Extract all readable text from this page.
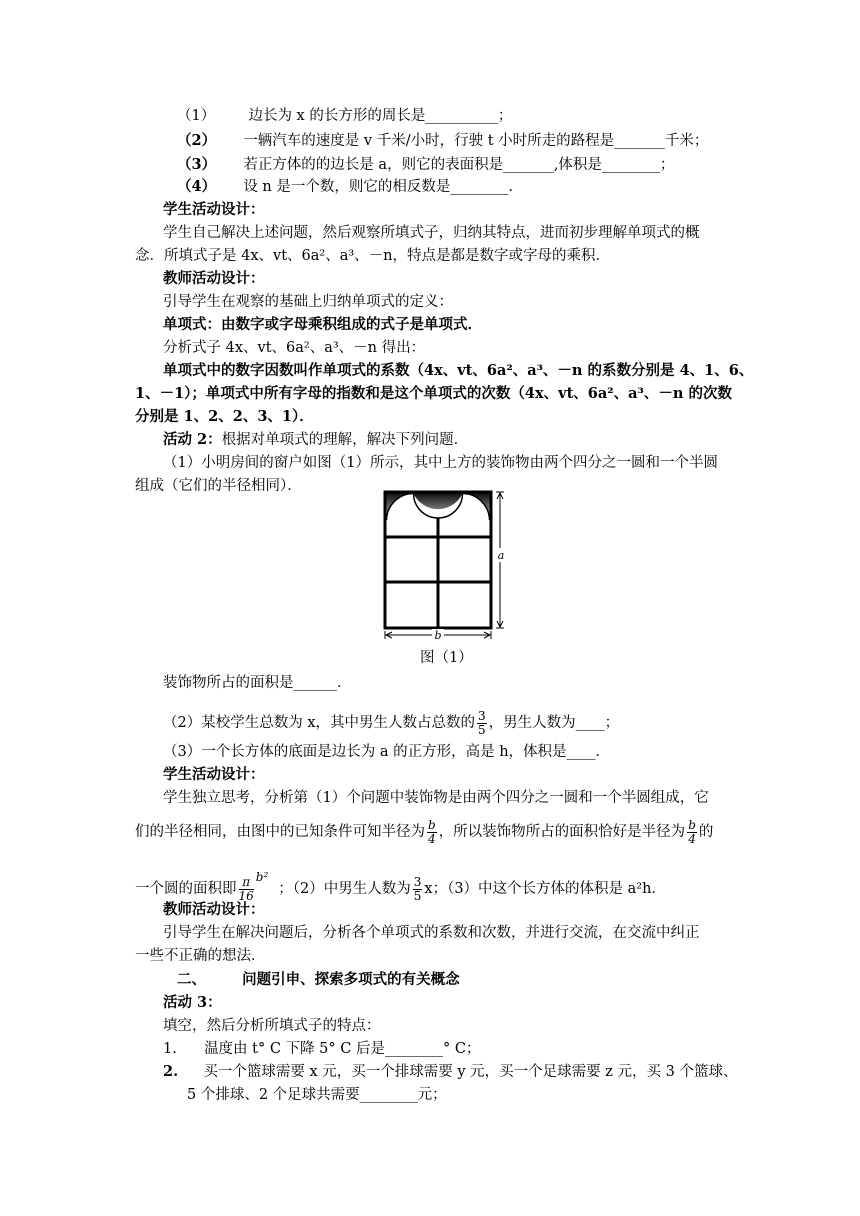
（1） 边长为 x 的长方形的周长是__________；
（2） 一辆汽车的速度是 v 千米/小时，行驶 t 小时所走的路程是_______千米；
（3） 若正方体的的边长是 a，则它的表面积是_______,体积是________；
（4） 设 n 是一个数，则它的相反数是________.
学生活动设计：
学生自己解决上述问题，然后观察所填式子，归纳其特点，进而初步理解单项式的概
念．所填式子是 4x、vt、6a²、a³、－n，特点是都是数字或字母的乘积．
教师活动设计：
引导学生在观察的基础上归纳单项式的定义：
单项式：由数字或字母乘积组成的式子是单项式．
分析式子 4x、vt、6a²、a³、－n 得出：
单项式中的数字因数叫作单项式的系数（4x、vt、6a²、a³、－n 的系数分别是 4、1、6、
1、－1）；单项式中所有字母的指数和是这个单项式的次数（4x、vt、6a²、a³、－n 的次数
分别是 1、2、2、3、1）．
活动 2：根据对单项式的理解，解决下列问题．
（1）小明房间的窗户如图（1）所示，其中上方的装饰物由两个四分之一圆和一个半圆
组成（它们的半径相同）．
a
b
图（1）
装饰物所占的面积是______．
（2）某校学生总数为 x，其中男生人数占总数的 $\frac{3}{5}$ ，男生人数为____；
（3）一个长方体的底面是边长为 a 的正方形，高是 h，体积是____．
学生活动设计：
学生独立思考，分析第（1）个问题中装饰物是由两个四分之一圆和一个半圆组成，它
们的半径相同，由图中的已知条件可知半径为 $\frac{b}{4}$ ，所以装饰物所占的面积恰好是半径为 $\frac{b}{4}$ 的
一个圆的面积即 $\frac{\pi}{16} ^{b^2}$；（2）中男生人数为 $\frac{3}{5}$ x；（3）中这个长方体的体积是 a²h．
教师活动设计：
引导学生在解决问题后，分析各个单项式的系数和次数，并进行交流，在交流中纠正
一些不正确的想法．
二、 问题引申、探索多项式的有关概念
活动 3：
填空，然后分析所填式子的特点：
1. 温度由 t° C 下降 5° C 后是________° C；
2. 买一个篮球需要 x 元，买一个排球需要 y 元，买一个足球需要 z 元，买 3 个篮球、
5 个排球、2 个足球共需要________元；
